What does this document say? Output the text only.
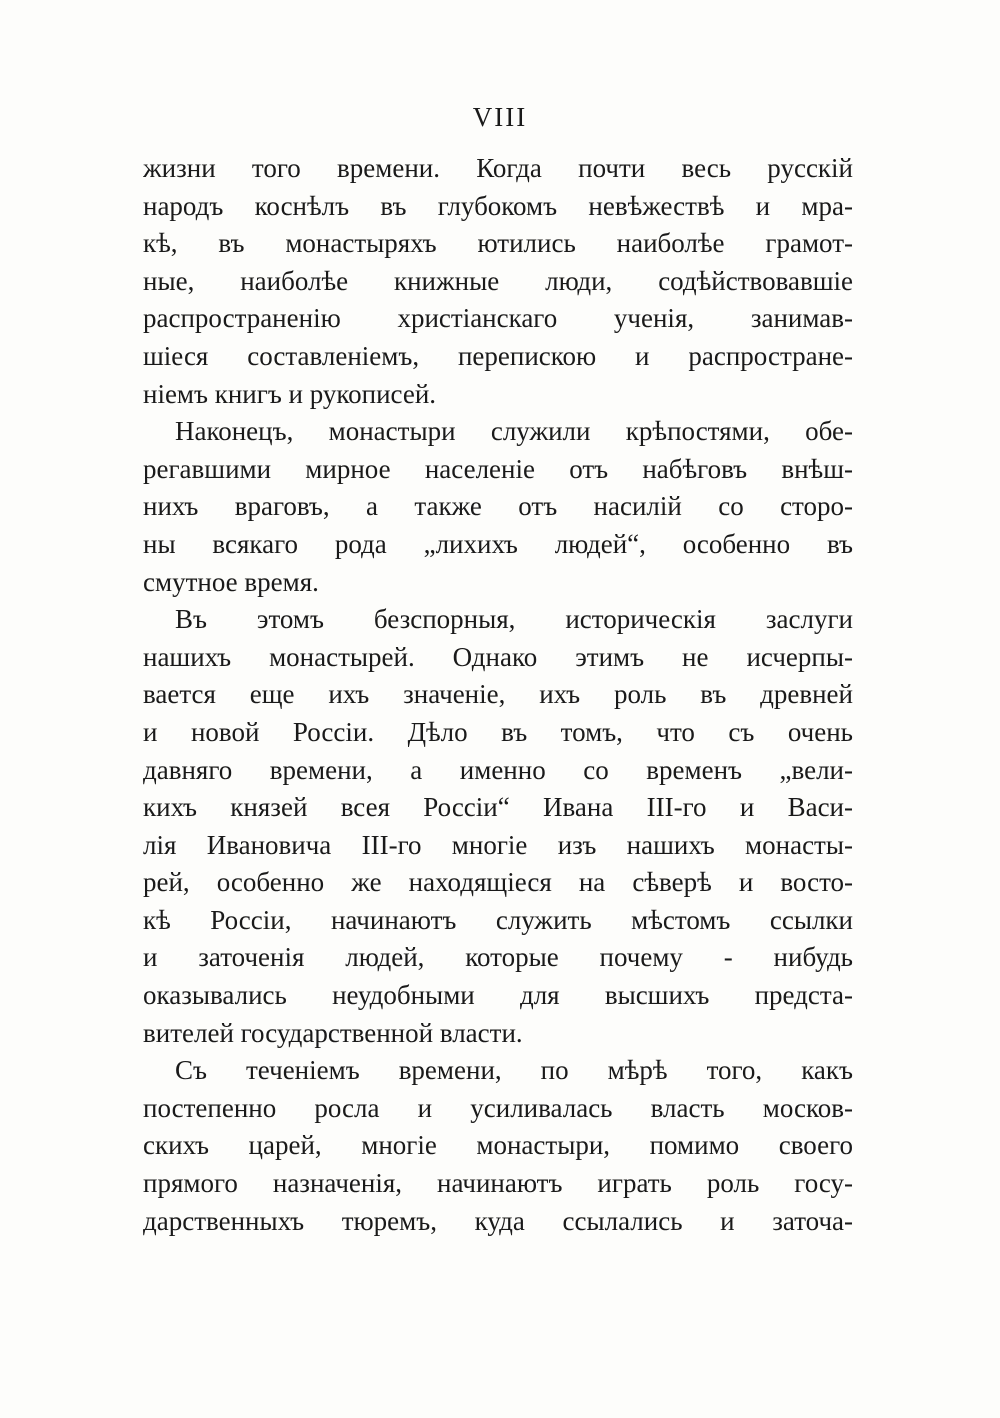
VIII
жизни того времени. Когда почти весь русскій
народъ коснѣлъ въ глубокомъ невѣжествѣ и мра-
кѣ, въ монастыряхъ ютились наиболѣе грамот-
ные, наиболѣе книжные люди, содѣйствовавшіе
распространенію христіанскаго ученія, занимав-
шіеся составленіемъ, перепискою и распростране-
ніемъ книгъ и рукописей.
Наконецъ, монастыри служили крѣпостями, обе-
регавшими мирное населеніе отъ набѣговъ внѣш-
нихъ враговъ, а также отъ насилій со сторо-
ны всякаго рода „лихихъ людей“, особенно въ
смутное время.
Въ этомъ безспорныя, историческія заслуги
нашихъ монастырей. Однако этимъ не исчерпы-
вается еще ихъ значеніе, ихъ роль въ древней
и новой Россіи. Дѣло въ томъ, что съ очень
давняго времени, а именно со временъ „вели-
кихъ князей всея Россіи“ Ивана III-го и Васи-
лія Ивановича III-го многіе изъ нашихъ монасты-
рей, особенно же находящіеся на сѣверѣ и восто-
кѣ Россіи, начинаютъ служить мѣстомъ ссылки
и заточенія людей, которые почему - нибудь
оказывались неудобными для высшихъ предста-
вителей государственной власти.
Съ теченіемъ времени, по мѣрѣ того, какъ
постепенно росла и усиливалась власть москов-
скихъ царей, многіе монастыри, помимо своего
прямого назначенія, начинаютъ играть роль госу-
дарственныхъ тюремъ, куда ссылались и заточа-
